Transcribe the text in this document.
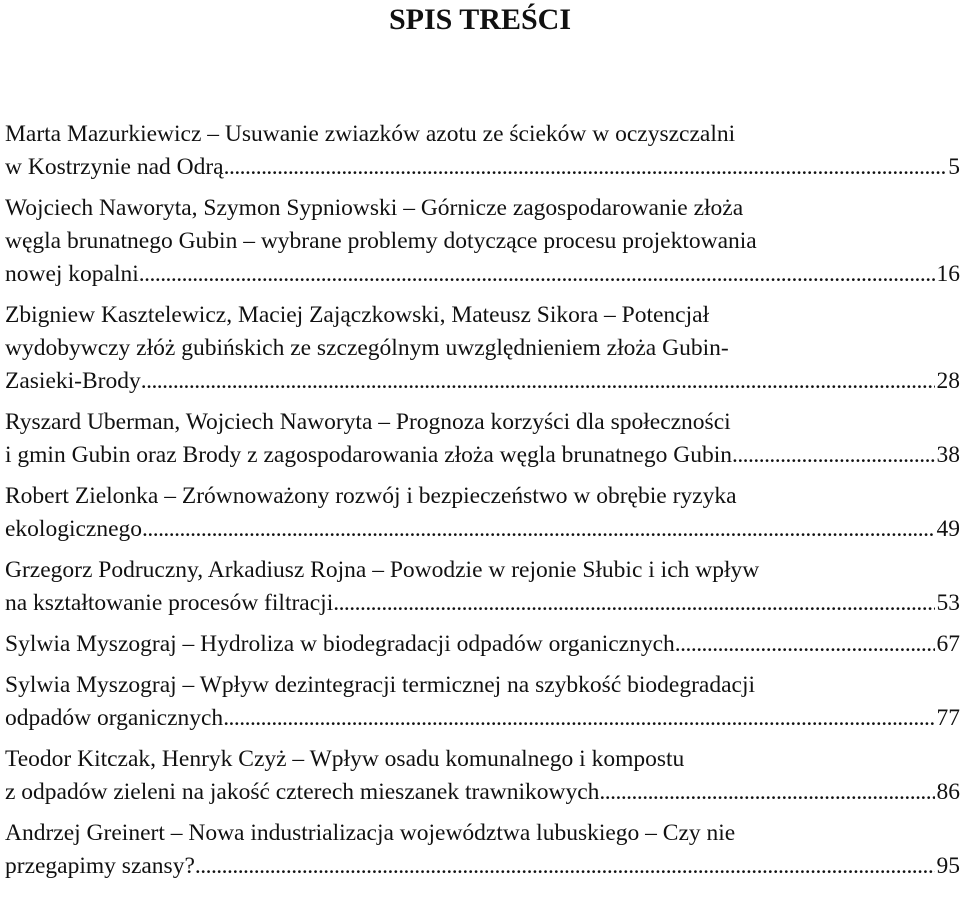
SPIS TREŚCI
Marta Mazurkiewicz – Usuwanie zwiazków azotu ze ścieków w oczyszczalni
w Kostrzynie nad Odrą . . .	5
Wojciech Naworyta, Szymon Sypniowski – Górnicze zagospodarowanie złoża
węgla brunatnego Gubin – wybrane problemy dotyczące procesu projektowania
nowej kopalni . . .	16
Zbigniew Kasztelewicz, Maciej Zajączkowski, Mateusz Sikora – Potencjał
wydobywczy złóż gubińskich ze szczególnym uwzględnieniem złoża Gubin-
Zasieki-Brody . . .	28
Ryszard Uberman, Wojciech Naworyta – Prognoza korzyści dla społeczności
i gmin Gubin oraz Brody z zagospodarowania złoża węgla brunatnego Gubin . . .	38
Robert Zielonka – Zrównoważony rozwój i bezpieczeństwo w obrębie ryzyka
ekologicznego . . .	49
Grzegorz Podruczny, Arkadiusz Rojna – Powodzie w rejonie Słubic i ich wpływ
na kształtowanie procesów filtracji . . .	53
Sylwia Myszograj – Hydroliza w biodegradacji odpadów organicznych . . .	67
Sylwia Myszograj – Wpływ dezintegracji termicznej na szybkość biodegradacji
odpadów organicznych . . .	77
Teodor Kitczak, Henryk Czyż – Wpływ osadu komunalnego i kompostu
z odpadów zieleni na jakość czterech mieszanek trawnikowych . . .	86
Andrzej Greinert – Nowa industrializacja województwa lubuskiego – Czy nie
przegapimy szansy? . . .	95
